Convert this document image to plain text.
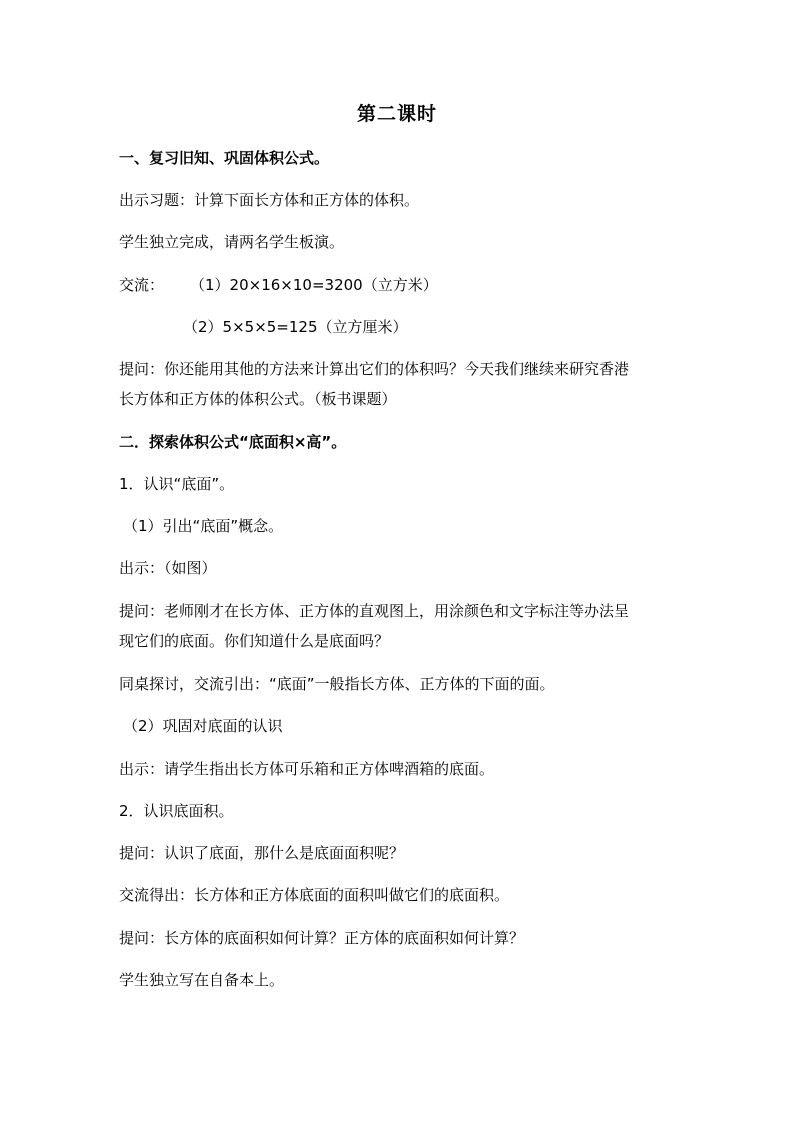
第二课时
一、复习旧知、巩固体积公式。
出示习题：计算下面长方体和正方体的体积。
学生独立完成，请两名学生板演。
交流： （1）20×16×10=3200（立方米）
（2）5×5×5=125（立方厘米）
提问：你还能用其他的方法来计算出它们的体积吗？今天我们继续来研究香港
长方体和正方体的体积公式。（板书课题）
二．探索体积公式“底面积×高”。
1．认识“底面”。
（1）引出“底面”概念。
出示：（如图）
提问：老师刚才在长方体、正方体的直观图上，用涂颜色和文字标注等办法呈
现它们的底面。你们知道什么是底面吗？
同桌探讨，交流引出：“底面”一般指长方体、正方体的下面的面。
（2）巩固对底面的认识
出示：请学生指出长方体可乐箱和正方体啤酒箱的底面。
2．认识底面积。
提问：认识了底面，那什么是底面面积呢？
交流得出：长方体和正方体底面的面积叫做它们的底面积。
提问：长方体的底面积如何计算？正方体的底面积如何计算？
学生独立写在自备本上。
